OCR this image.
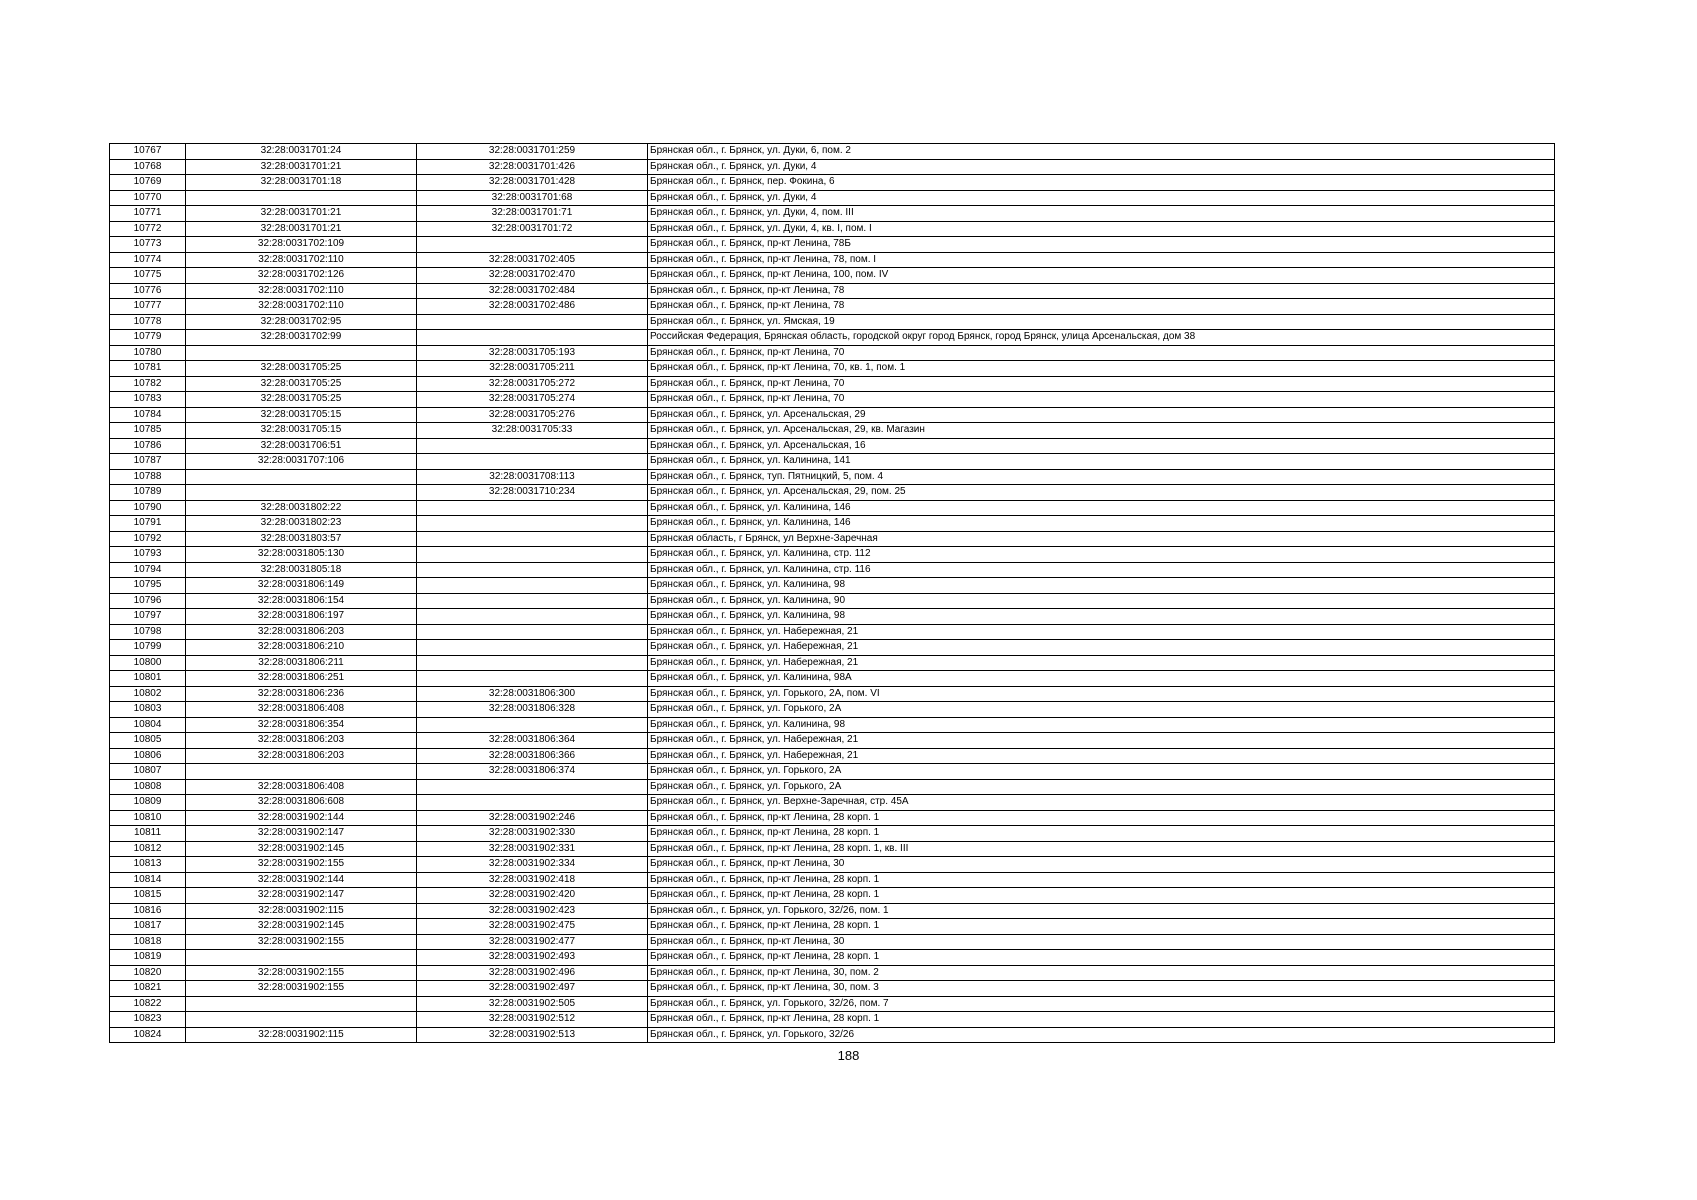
10767	32:28:0031701:24	32:28:0031701:259	Брянская обл., г. Брянск, ул. Дуки, 6, пом. 2
10768	32:28:0031701:21	32:28:0031701:426	Брянская обл., г. Брянск, ул. Дуки, 4
10769	32:28:0031701:18	32:28:0031701:428	Брянская обл., г. Брянск, пер. Фокина, 6
10770		32:28:0031701:68	Брянская обл., г. Брянск, ул. Дуки, 4
10771	32:28:0031701:21	32:28:0031701:71	Брянская обл., г. Брянск, ул. Дуки, 4, пом. III
10772	32:28:0031701:21	32:28:0031701:72	Брянская обл., г. Брянск, ул. Дуки, 4, кв. I, пом. I
10773	32:28:0031702:109		Брянская обл., г. Брянск, пр-кт Ленина, 78Б
10774	32:28:0031702:110	32:28:0031702:405	Брянская обл., г. Брянск, пр-кт Ленина, 78, пом. I
10775	32:28:0031702:126	32:28:0031702:470	Брянская обл., г. Брянск, пр-кт Ленина, 100, пом. IV
10776	32:28:0031702:110	32:28:0031702:484	Брянская обл., г. Брянск, пр-кт Ленина, 78
10777	32:28:0031702:110	32:28:0031702:486	Брянская обл., г. Брянск, пр-кт Ленина, 78
10778	32:28:0031702:95		Брянская обл., г. Брянск, ул. Ямская, 19
10779	32:28:0031702:99		Российская Федерация, Брянская область, городской округ город Брянск, город Брянск, улица Арсенальская, дом 38
10780		32:28:0031705:193	Брянская обл., г. Брянск, пр-кт Ленина, 70
10781	32:28:0031705:25	32:28:0031705:211	Брянская обл., г. Брянск, пр-кт Ленина, 70, кв. 1, пом. 1
10782	32:28:0031705:25	32:28:0031705:272	Брянская обл., г. Брянск, пр-кт Ленина, 70
10783	32:28:0031705:25	32:28:0031705:274	Брянская обл., г. Брянск, пр-кт Ленина, 70
10784	32:28:0031705:15	32:28:0031705:276	Брянская обл., г. Брянск, ул. Арсенальская, 29
10785	32:28:0031705:15	32:28:0031705:33	Брянская обл., г. Брянск, ул. Арсенальская, 29, кв. Магазин
10786	32:28:0031706:51		Брянская обл., г. Брянск, ул. Арсенальская, 16
10787	32:28:0031707:106		Брянская обл., г. Брянск, ул. Калинина, 141
10788		32:28:0031708:113	Брянская обл., г. Брянск, туп. Пятницкий, 5, пом. 4
10789		32:28:0031710:234	Брянская обл., г. Брянск, ул. Арсенальская, 29, пом. 25
10790	32:28:0031802:22		Брянская обл., г. Брянск, ул. Калинина, 146
10791	32:28:0031802:23		Брянская обл., г. Брянск, ул. Калинина, 146
10792	32:28:0031803:57		Брянская область, г Брянск, ул Верхне-Заречная
10793	32:28:0031805:130		Брянская обл., г. Брянск, ул. Калинина, стр. 112
10794	32:28:0031805:18		Брянская обл., г. Брянск, ул. Калинина, стр. 116
10795	32:28:0031806:149		Брянская обл., г. Брянск, ул. Калинина, 98
10796	32:28:0031806:154		Брянская обл., г. Брянск, ул. Калинина, 90
10797	32:28:0031806:197		Брянская обл., г. Брянск, ул. Калинина, 98
10798	32:28:0031806:203		Брянская обл., г. Брянск, ул. Набережная, 21
10799	32:28:0031806:210		Брянская обл., г. Брянск, ул. Набережная, 21
10800	32:28:0031806:211		Брянская обл., г. Брянск, ул. Набережная, 21
10801	32:28:0031806:251		Брянская обл., г. Брянск, ул. Калинина, 98А
10802	32:28:0031806:236	32:28:0031806:300	Брянская обл., г. Брянск, ул. Горького, 2А, пом. VI
10803	32:28:0031806:408	32:28:0031806:328	Брянская обл., г. Брянск, ул. Горького, 2А
10804	32:28:0031806:354		Брянская обл., г. Брянск, ул. Калинина, 98
10805	32:28:0031806:203	32:28:0031806:364	Брянская обл., г. Брянск, ул. Набережная, 21
10806	32:28:0031806:203	32:28:0031806:366	Брянская обл., г. Брянск, ул. Набережная, 21
10807		32:28:0031806:374	Брянская обл., г. Брянск, ул. Горького, 2А
10808	32:28:0031806:408		Брянская обл., г. Брянск, ул. Горького, 2А
10809	32:28:0031806:608		Брянская обл., г. Брянск, ул. Верхне-Заречная, стр. 45А
10810	32:28:0031902:144	32:28:0031902:246	Брянская обл., г. Брянск, пр-кт Ленина, 28 корп. 1
10811	32:28:0031902:147	32:28:0031902:330	Брянская обл., г. Брянск, пр-кт Ленина, 28 корп. 1
10812	32:28:0031902:145	32:28:0031902:331	Брянская обл., г. Брянск, пр-кт Ленина, 28 корп. 1, кв. III
10813	32:28:0031902:155	32:28:0031902:334	Брянская обл., г. Брянск, пр-кт Ленина, 30
10814	32:28:0031902:144	32:28:0031902:418	Брянская обл., г. Брянск, пр-кт Ленина, 28 корп. 1
10815	32:28:0031902:147	32:28:0031902:420	Брянская обл., г. Брянск, пр-кт Ленина, 28 корп. 1
10816	32:28:0031902:115	32:28:0031902:423	Брянская обл., г. Брянск, ул. Горького, 32/26, пом. 1
10817	32:28:0031902:145	32:28:0031902:475	Брянская обл., г. Брянск, пр-кт Ленина, 28 корп. 1
10818	32:28:0031902:155	32:28:0031902:477	Брянская обл., г. Брянск, пр-кт Ленина, 30
10819		32:28:0031902:493	Брянская обл., г. Брянск, пр-кт Ленина, 28 корп. 1
10820	32:28:0031902:155	32:28:0031902:496	Брянская обл., г. Брянск, пр-кт Ленина, 30, пом. 2
10821	32:28:0031902:155	32:28:0031902:497	Брянская обл., г. Брянск, пр-кт Ленина, 30, пом. 3
10822		32:28:0031902:505	Брянская обл., г. Брянск, ул. Горького, 32/26, пом. 7
10823		32:28:0031902:512	Брянская обл., г. Брянск, пр-кт Ленина, 28 корп. 1
10824	32:28:0031902:115	32:28:0031902:513	Брянская обл., г. Брянск, ул. Горького, 32/26
188
